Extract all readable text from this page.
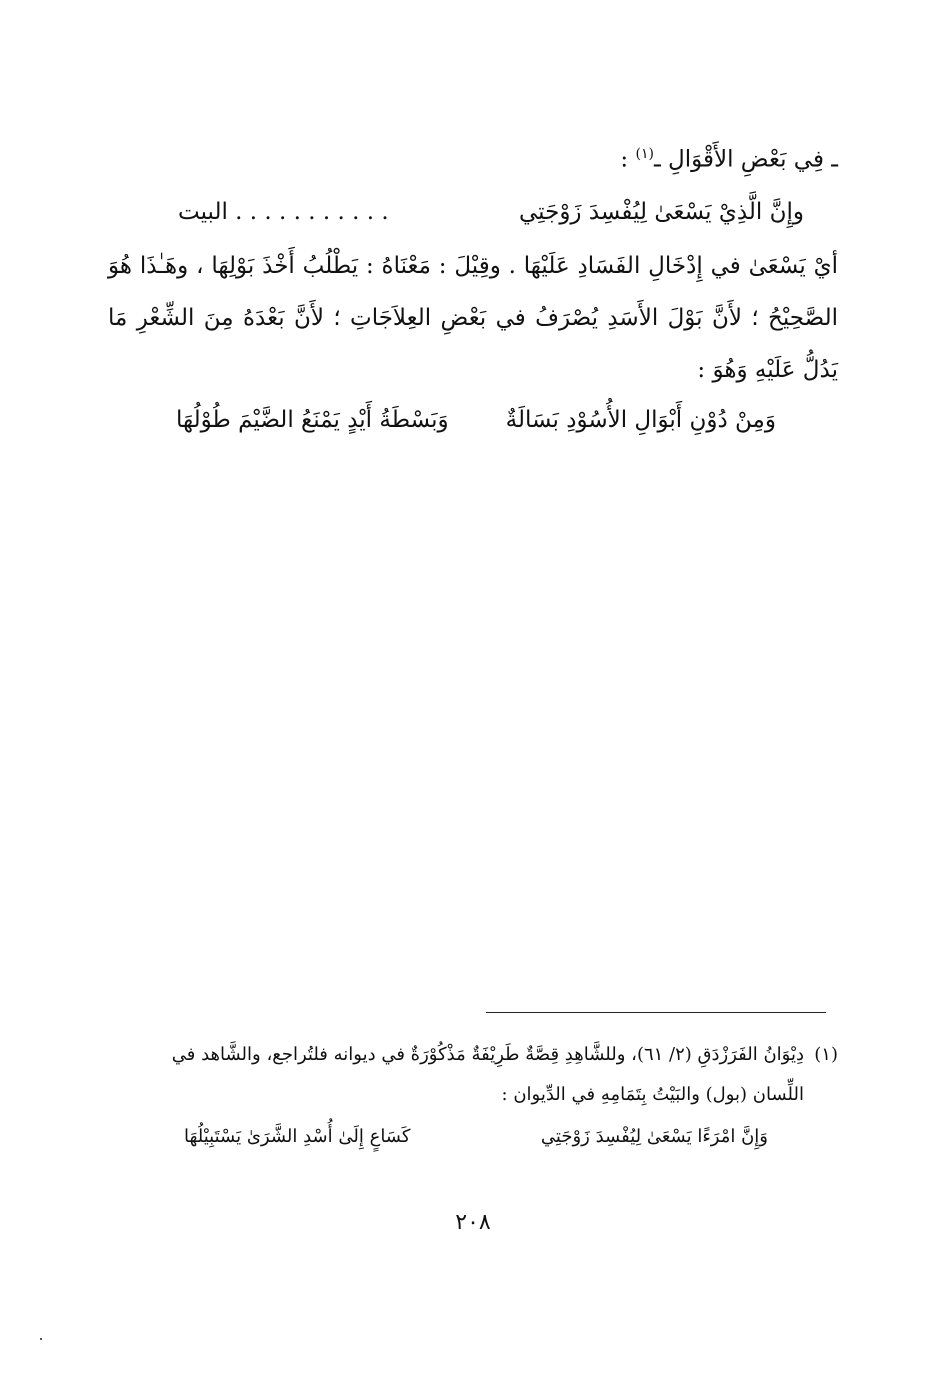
ـ فِي بَعْضِ الأَقْوَالِ ـ$^{(١)}$ :
وإِنَّ الَّذِيْ يَسْعَىٰ لِيُفْسِدَ زَوْجَتِي
. . . . . . . . . . . البيت
أيْ يَسْعَىٰ في إِدْخَالِ الفَسَادِ عَلَيْهَا . وقِيْلَ : مَعْنَاهُ : يَطْلُبُ أَخْذَ بَوْلِهَا ، وهَـٰذَا هُوَ
الصَّحِيْحُ ؛ لأَنَّ بَوْلَ الأَسَدِ يُصْرَفُ في بَعْضِ العِلاَجَاتِ ؛ لأَنَّ بَعْدَهُ مِنَ الشِّعْرِ مَا
يَدُلُّ عَلَيْهِ وَهُوَ :
وَمِنْ دُوْنِ أَبْوَالِ الأُسُوْدِ بَسَالَةٌ
وَبَسْطَةُ أَيْدٍ يَمْنَعُ الضَّيْمَ طُوْلُهَا
(١)دِيْوَانُ الفَرَزْدَقِ (٢/ ٦١)، وللشَّاهِدِ قِصَّةٌ طَرِيْفَةٌ مَذْكُوْرَةٌ في ديوانه فلتُراجع، والشَّاهد في
اللِّسان (بول) والبَيْتُ بِتَمَامِهِ في الدِّيوان :
وَإِنَّ امْرَءًا يَسْعَىٰ لِيُفْسِدَ زَوْجَتِي
كَسَاعٍ إِلَىٰ أُسْدِ الشَّرَىٰ يَسْتَبِيْلُهَا
٢٠٨
